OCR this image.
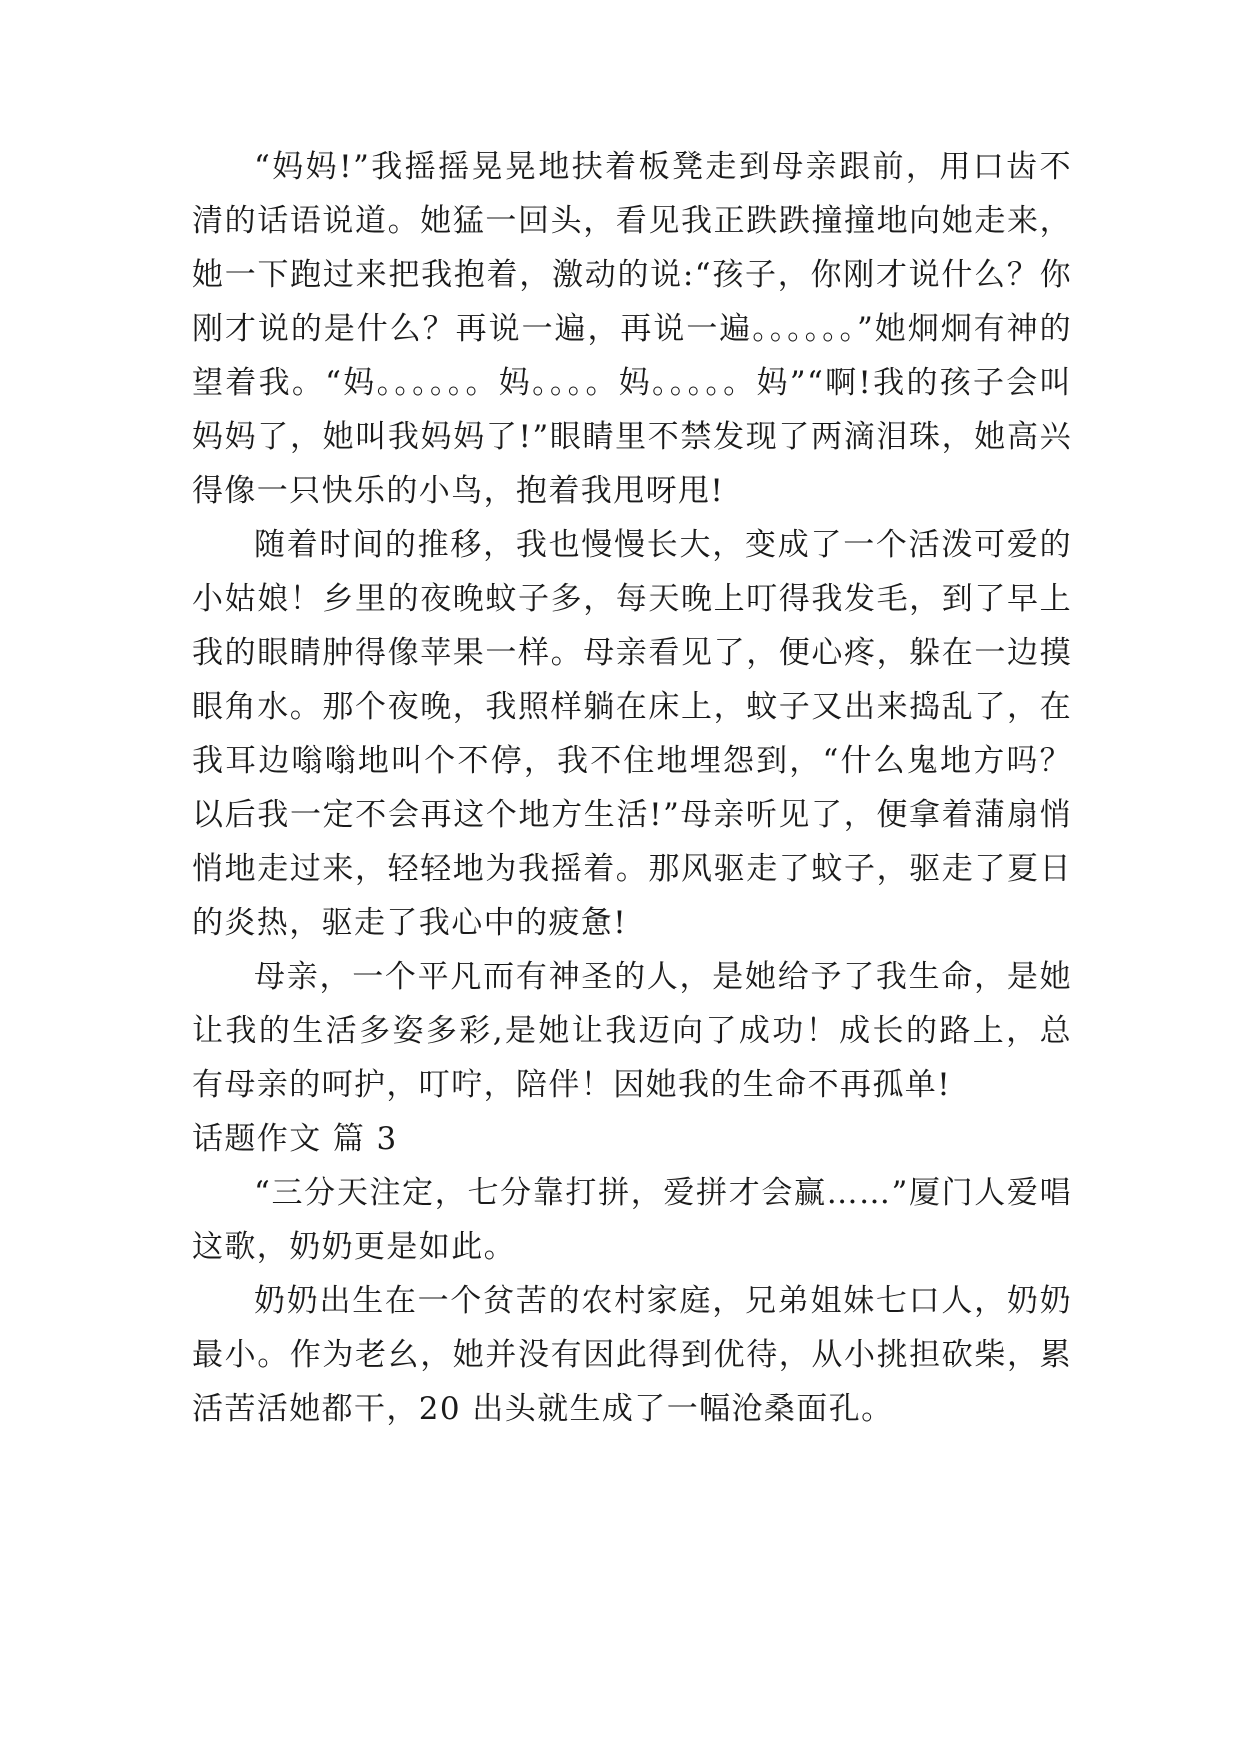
“妈妈!”我摇摇晃晃地扶着板凳走到母亲跟前，用口齿不清的话语说道。她猛一回头，看见我正跌跌撞撞地向她走来，她一下跑过来把我抱着，激动的说:“孩子，你刚才说什么？你刚才说的是什么？再说一遍，再说一遍。。。。。。”她炯炯有神的望着我。“妈。。。。。。妈。。。。妈。。。。。妈”“啊!我的孩子会叫妈妈了，她叫我妈妈了!”眼睛里不禁发现了两滴泪珠，她高兴得像一只快乐的小鸟，抱着我甩呀甩!

随着时间的推移，我也慢慢长大，变成了一个活泼可爱的小姑娘！乡里的夜晚蚊子多，每天晚上叮得我发毛，到了早上我的眼睛肿得像苹果一样。母亲看见了，便心疼，躲在一边摸眼角水。那个夜晚，我照样躺在床上，蚊子又出来捣乱了，在我耳边嗡嗡地叫个不停，我不住地埋怨到，“什么鬼地方吗？以后我一定不会再这个地方生活!”母亲听见了，便拿着蒲扇悄悄地走过来，轻轻地为我摇着。那风驱走了蚊子，驱走了夏日的炎热，驱走了我心中的疲惫!

母亲，一个平凡而有神圣的人，是她给予了我生命，是她让我的生活多姿多彩,是她让我迈向了成功！成长的路上，总有母亲的呵护，叮咛，陪伴！因她我的生命不再孤单!

话题作文 篇 3

“三分天注定，七分靠打拼，爱拼才会赢……”厦门人爱唱这歌，奶奶更是如此。

奶奶出生在一个贫苦的农村家庭，兄弟姐妹七口人，奶奶最小。作为老幺，她并没有因此得到优待，从小挑担砍柴，累活苦活她都干，20 出头就生成了一幅沧桑面孔。
